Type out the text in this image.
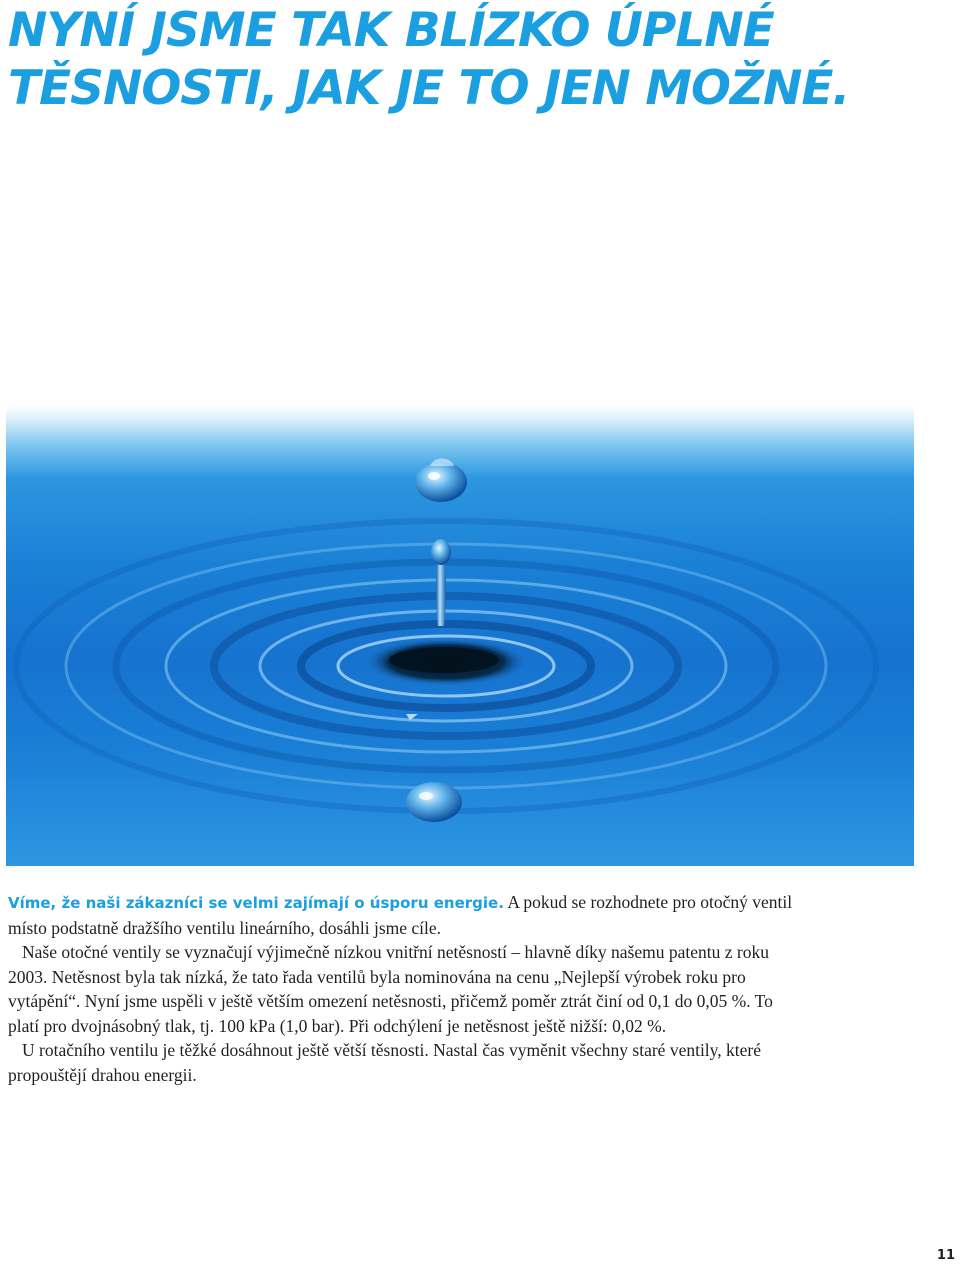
NYNÍ JSME TAK BLÍZKO ÚPLNÉ
TĚSNOSTI, JAK JE TO JEN MOŽNÉ.

Víme, že naši zákazníci se velmi zajímají o úsporu energie. A pokud se rozhodnete pro otočný ventil místo podstatně dražšího ventilu lineárního, dosáhli jsme cíle.

Naše otočné ventily se vyznačují výjimečně nízkou vnitřní netěsností – hlavně díky našemu patentu z roku 2003. Netěsnost byla tak nízká, že tato řada ventilů byla nominována na cenu „Nejlepší výrobek roku pro vytápění“. Nyní jsme uspěli v ještě větším omezení netěsnosti, přičemž poměr ztrát činí od 0,1 do 0,05 %. To platí pro dvojnásobný tlak, tj. 100 kPa (1,0 bar). Při odchýlení je netěsnost ještě nižší: 0,02 %.

U rotačního ventilu je těžké dosáhnout ještě větší těsnosti. Nastal čas vyměnit všechny staré ventily, které propouštějí drahou energii.

11
